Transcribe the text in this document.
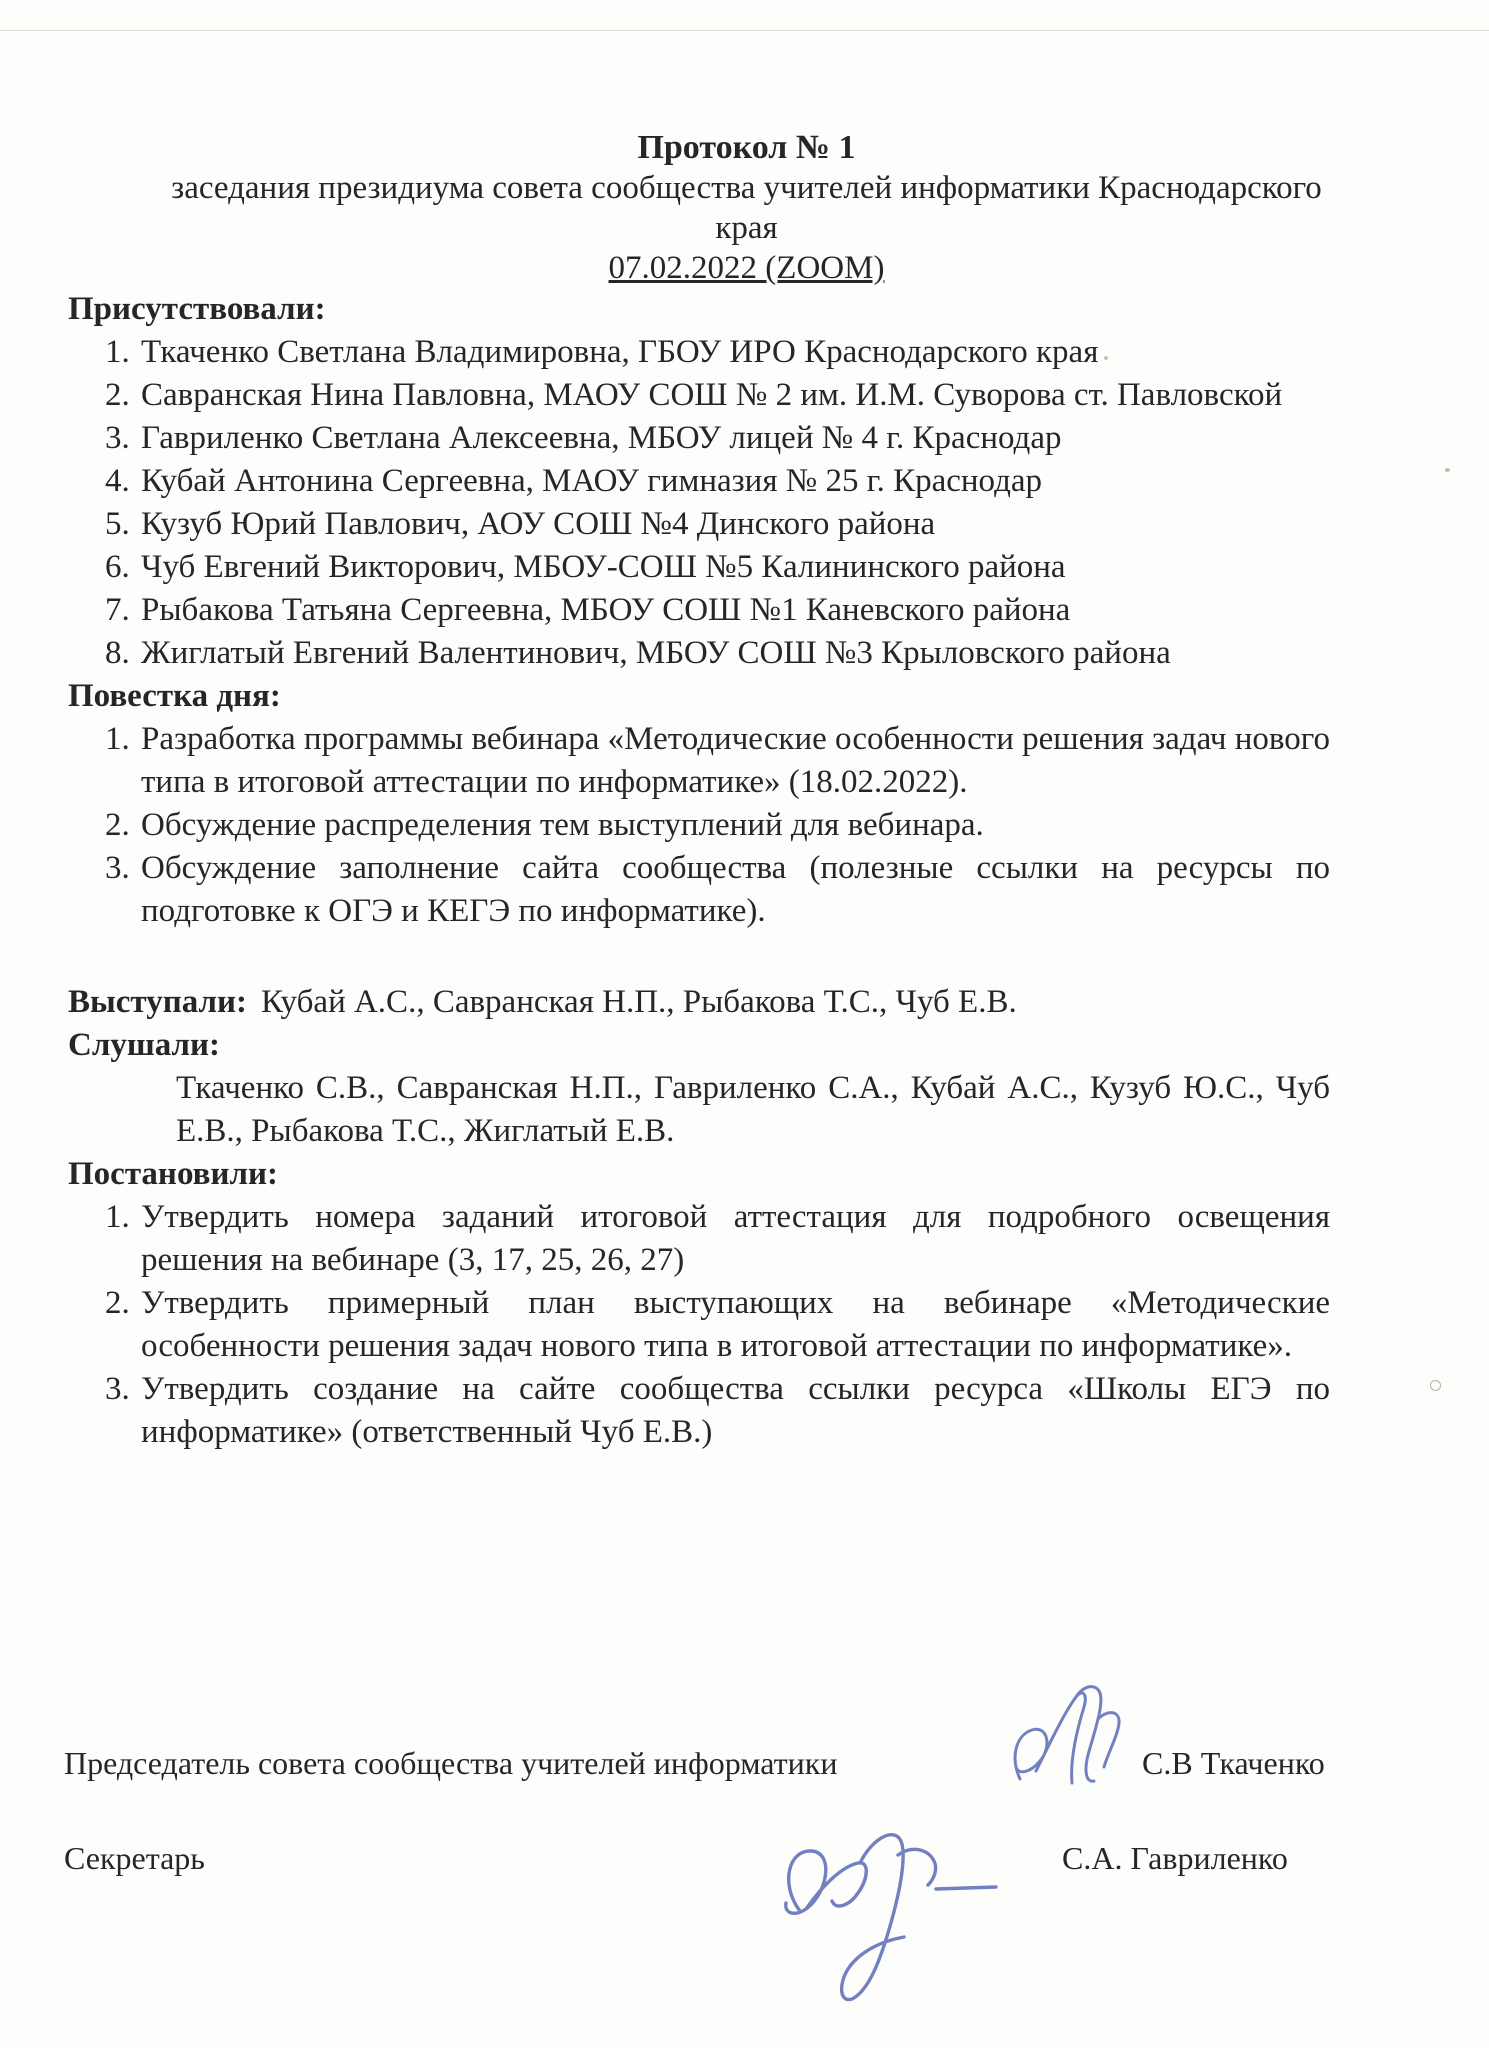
Протокол № 1
заседания президиума совета сообщества учителей информатики Краснодарского
края
07.02.2022 (ZOOM)
Присутствовали:
Ткаченко Светлана Владимировна, ГБОУ ИРО Краснодарского края
Савранская Нина Павловна, МАОУ СОШ № 2 им. И.М. Суворова ст. Павловской
Гавриленко Светлана Алексеевна, МБОУ лицей № 4 г. Краснодар
Кубай Антонина Сергеевна, МАОУ гимназия № 25 г. Краснодар
Кузуб Юрий Павлович, АОУ СОШ №4 Динского района
Чуб Евгений Викторович, МБОУ-СОШ №5 Калининского района
Рыбакова Татьяна Сергеевна, МБОУ СОШ №1 Каневского района
Жиглатый Евгений Валентинович, МБОУ СОШ №3 Крыловского района
Повестка дня:
Разработка программы вебинара «Методические особенности решения задач нового типа в итоговой аттестации по информатике» (18.02.2022).
Обсуждение распределения тем выступлений для вебинара.
Обсуждение заполнение сайта сообщества (полезные ссылки на ресурсы по подготовке к ОГЭ и КЕГЭ по информатике).
Выступали: Кубай А.С., Савранская Н.П., Рыбакова Т.С., Чуб Е.В.
Слушали:

Ткаченко С.В., Савранская Н.П., Гавриленко С.А., Кубай А.С., Кузуб Ю.С., Чуб Е.В., Рыбакова Т.С., Жиглатый Е.В.

Постановили:
Утвердить номера заданий итоговой аттестация для подробного освещения решения на вебинаре (3, 17, 25, 26, 27)
Утвердить примерный план выступающих на вебинаре «Методические особенности решения задач нового типа в итоговой аттестации по информатике».
Утвердить создание на сайте сообщества ссылки ресурса «Школы ЕГЭ по информатике» (ответственный Чуб Е.В.)
Председатель совета сообщества учителей информатики	С.В Ткаченко
Секретарь	С.А. Гавриленко
